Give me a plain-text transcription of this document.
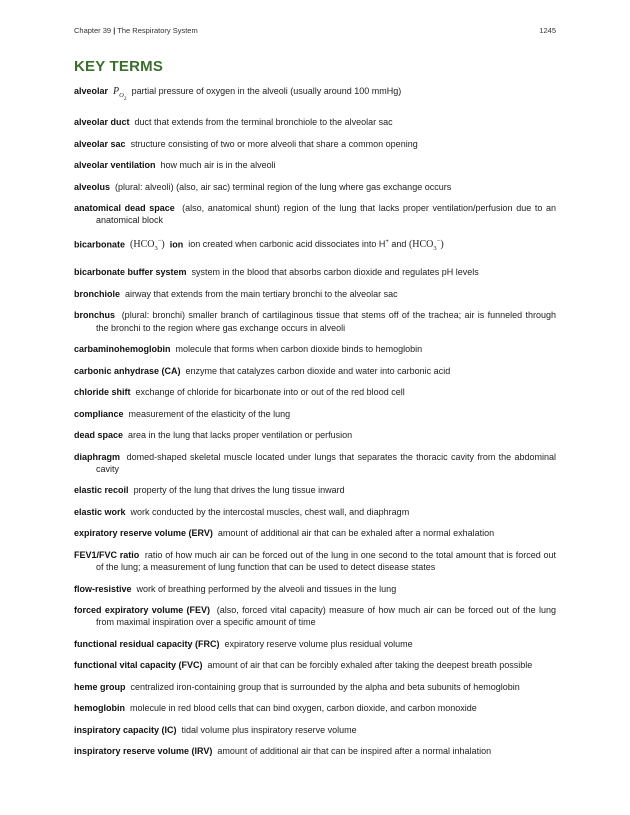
Chapter 39 | The Respiratory System	1245
KEY TERMS
alveolar $P_{O_2}$  partial pressure of oxygen in the alveoli (usually around 100 mmHg)
alveolar duct duct that extends from the terminal bronchiole to the alveolar sac
alveolar sac structure consisting of two or more alveoli that share a common opening
alveolar ventilation how much air is in the alveoli
alveolus (plural: alveoli) (also, air sac) terminal region of the lung where gas exchange occurs
anatomical dead space (also, anatomical shunt) region of the lung that lacks proper ventilation/perfusion due to an anatomical block
bicarbonate  $(HCO_3^-)$  ion ion created when carbonic acid dissociates into H+ and $(HCO_3^-)$
bicarbonate buffer system system in the blood that absorbs carbon dioxide and regulates pH levels
bronchiole airway that extends from the main tertiary bronchi to the alveolar sac
bronchus (plural: bronchi) smaller branch of cartilaginous tissue that stems off of the trachea; air is funneled through the bronchi to the region where gas exchange occurs in alveoli
carbaminohemoglobin molecule that forms when carbon dioxide binds to hemoglobin
carbonic anhydrase (CA) enzyme that catalyzes carbon dioxide and water into carbonic acid
chloride shift exchange of chloride for bicarbonate into or out of the red blood cell
compliance measurement of the elasticity of the lung
dead space area in the lung that lacks proper ventilation or perfusion
diaphragm domed-shaped skeletal muscle located under lungs that separates the thoracic cavity from the abdominal cavity
elastic recoil property of the lung that drives the lung tissue inward
elastic work work conducted by the intercostal muscles, chest wall, and diaphragm
expiratory reserve volume (ERV) amount of additional air that can be exhaled after a normal exhalation
FEV1/FVC ratio ratio of how much air can be forced out of the lung in one second to the total amount that is forced out of the lung; a measurement of lung function that can be used to detect disease states
flow-resistive work of breathing performed by the alveoli and tissues in the lung
forced expiratory volume (FEV) (also, forced vital capacity) measure of how much air can be forced out of the lung from maximal inspiration over a specific amount of time
functional residual capacity (FRC) expiratory reserve volume plus residual volume
functional vital capacity (FVC) amount of air that can be forcibly exhaled after taking the deepest breath possible
heme group centralized iron-containing group that is surrounded by the alpha and beta subunits of hemoglobin
hemoglobin molecule in red blood cells that can bind oxygen, carbon dioxide, and carbon monoxide
inspiratory capacity (IC) tidal volume plus inspiratory reserve volume
inspiratory reserve volume (IRV) amount of additional air that can be inspired after a normal inhalation
